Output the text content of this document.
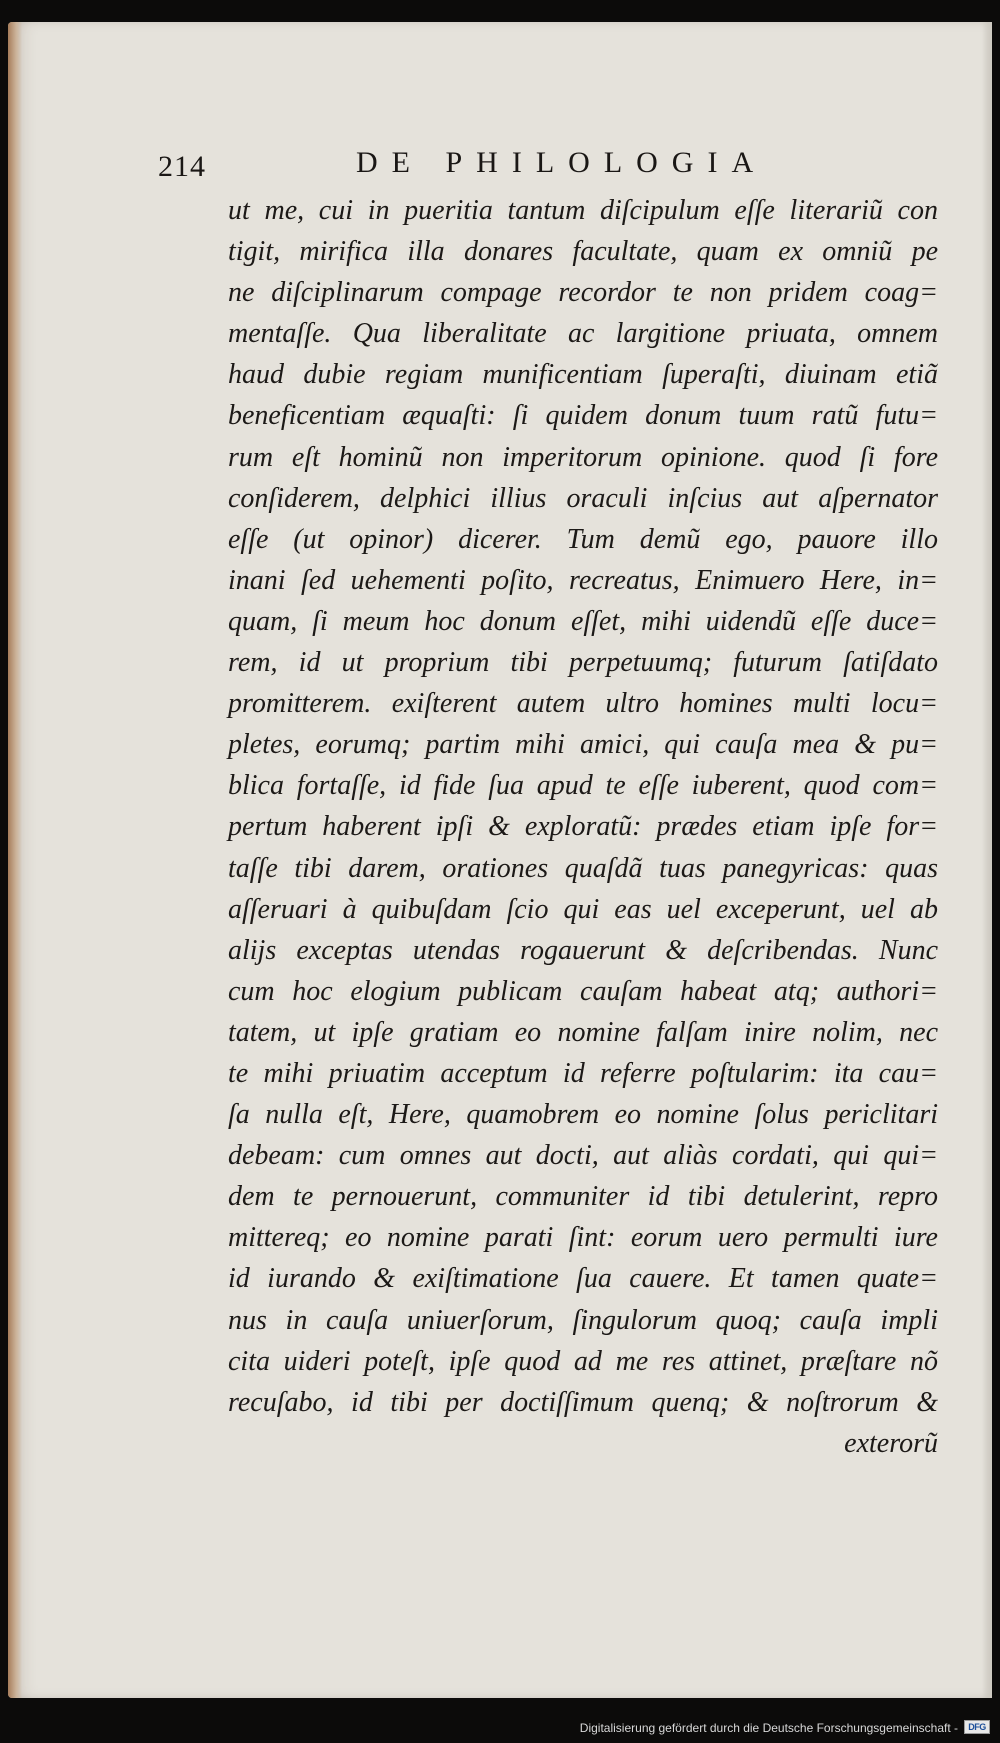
214	DE PHILOLOGIA
ut me, cui in pueritia tantum diſcipulum eſſe literariũ con
tigit, mirifica illa donares facultate, quam ex omniũ pe
ne diſciplinarum compage recordor te non pridem coag=
mentaſſe. Qua liberalitate ac largitione priuata, omnem
haud dubie regiam munificentiam ſuperaſti, diuinam etiã
beneficentiam æquaſti: ſi quidem donum tuum ratũ futu=
rum eſt hominũ non imperitorum opinione. quod ſi fore
conſiderem, delphici illius oraculi inſcius aut aſpernator
eſſe (ut opinor) dicerer. Tum demũ ego, pauore illo
inani ſed uehementi poſito, recreatus, Enimuero Here, in=
quam, ſi meum hoc donum eſſet, mihi uidendũ eſſe duce=
rem, id ut proprium tibi perpetuumq; futurum ſatiſdato
promitterem. exiſterent autem ultro homines multi locu=
pletes, eorumq; partim mihi amici, qui cauſa mea & pu=
blica fortaſſe, id fide ſua apud te eſſe iuberent, quod com=
pertum haberent ipſi & exploratũ: prædes etiam ipſe for=
taſſe tibi darem, orationes quaſdã tuas panegyricas: quas
aſſeruari à quibuſdam ſcio qui eas uel exceperunt, uel ab
alijs exceptas utendas rogauerunt & deſcribendas. Nunc
cum hoc elogium publicam cauſam habeat atq; authori=
tatem, ut ipſe gratiam eo nomine falſam inire nolim, nec
te mihi priuatim acceptum id referre poſtularim: ita cau=
ſa nulla eſt, Here, quamobrem eo nomine ſolus periclitari
debeam: cum omnes aut docti, aut aliàs cordati, qui qui=
dem te pernouerunt, communiter id tibi detulerint, repro
mittereq; eo nomine parati ſint: eorum uero permulti iure
id iurando & exiſtimatione ſua cauere. Et tamen quate=
nus in cauſa uniuerſorum, ſingulorum quoq; cauſa impli
cita uideri poteſt, ipſe quod ad me res attinet, præſtare nõ
recuſabo, id tibi per doctiſſimum quenq; & noſtrorum &
exterorũ
Digitalisierung gefördert durch die Deutsche Forschungsgemeinschaft -	DFG
